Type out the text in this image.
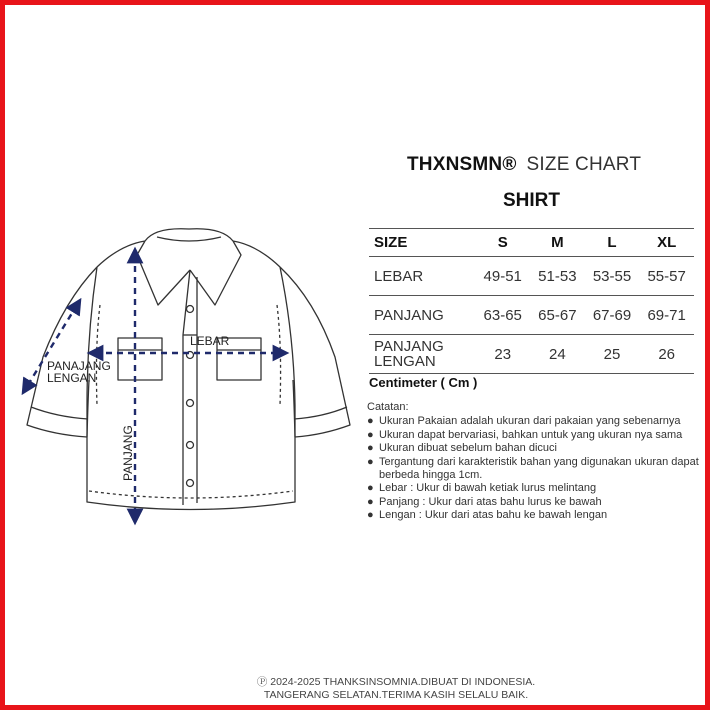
LEBAR
PANJANG
PANAJANG
LENGAN
THXNSMN® SIZE CHART
SHIRT
SIZE	S	M	L	XL
LEBAR	49-51	51-53	53-55	55-57
PANJANG	63-65	65-67	67-69	69-71
PANJANG
LENGAN	23	24	25	26
Centimeter ( Cm )
Catatan:
● Ukuran Pakaian adalah ukuran dari pakaian yang sebenarnya
● Ukuran dapat bervariasi, bahkan untuk yang ukuran nya sama
● Ukuran dibuat sebelum bahan dicuci
● Tergantung dari karakteristik bahan yang digunakan ukuran dapat berbeda hingga 1cm.
● Lebar : Ukur di bawah ketiak lurus melintang
● Panjang : Ukur dari atas bahu lurus ke bawah
● Lengan : Ukur dari atas bahu ke bawah lengan
Ⓟ 2024-2025 THANKSINSOMNIA.DIBUAT DI INDONESIA.
TANGERANG SELATAN.TERIMA KASIH SELALU BAIK.
